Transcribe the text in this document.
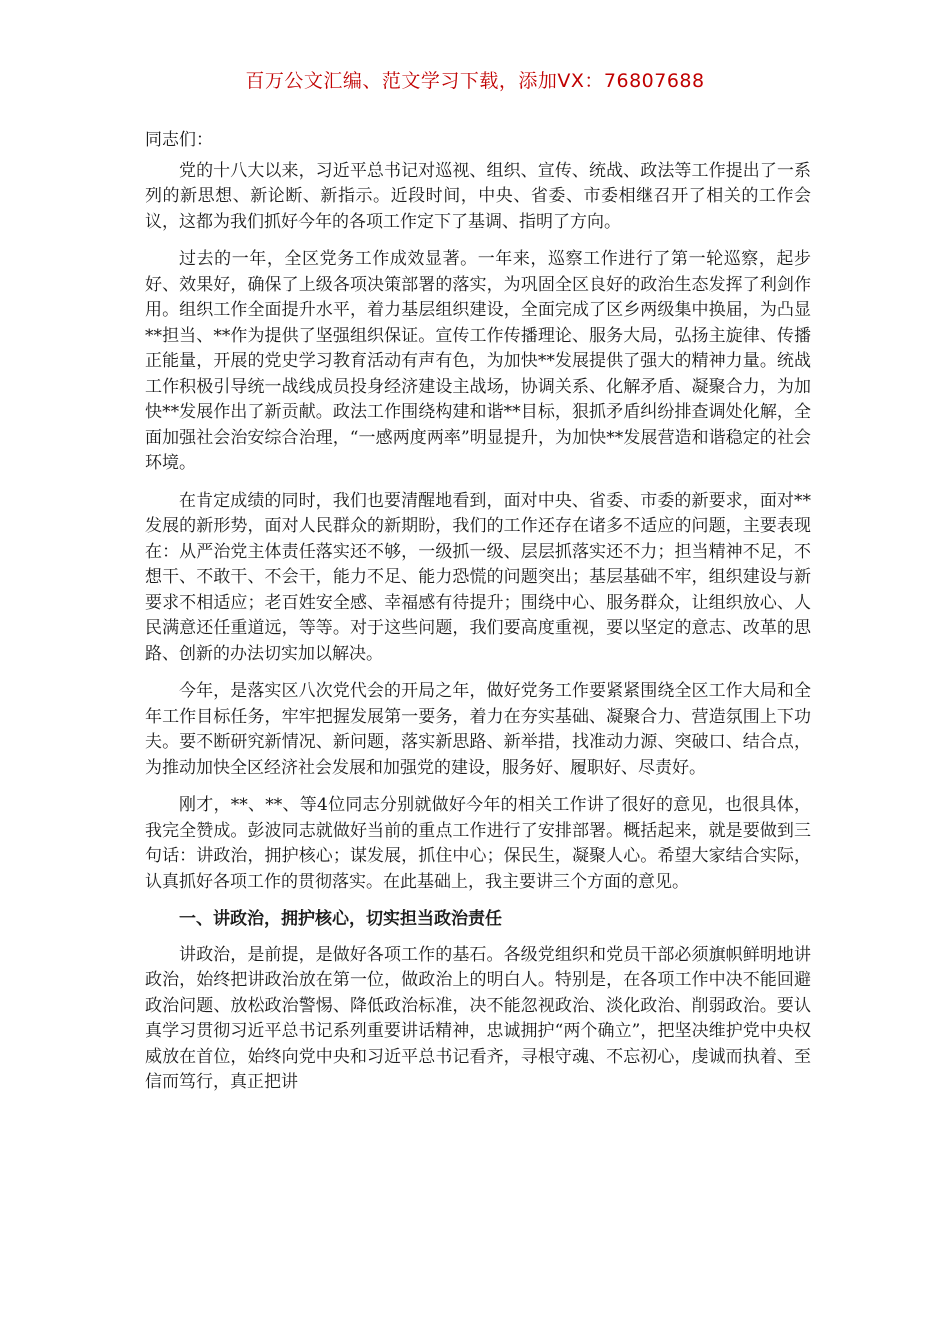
百万公文汇编、范文学习下载，添加VX：76807688

同志们：

党的十八大以来，习近平总书记对巡视、组织、宣传、统战、政法等工作提出了一系列的新思想、新论断、新指示。近段时间，中央、省委、市委相继召开了相关的工作会议，这都为我们抓好今年的各项工作定下了基调、指明了方向。

过去的一年，全区党务工作成效显著。一年来，巡察工作进行了第一轮巡察，起步好、效果好，确保了上级各项决策部署的落实，为巩固全区良好的政治生态发挥了利剑作用。组织工作全面提升水平，着力基层组织建设，全面完成了区乡两级集中换届，为凸显**担当、**作为提供了坚强组织保证。宣传工作传播理论、服务大局，弘扬主旋律、传播正能量，开展的党史学习教育活动有声有色，为加快**发展提供了强大的精神力量。统战工作积极引导统一战线成员投身经济建设主战场，协调关系、化解矛盾、凝聚合力，为加快**发展作出了新贡献。政法工作围绕构建和谐**目标，狠抓矛盾纠纷排查调处化解，全面加强社会治安综合治理，“一感两度两率”明显提升，为加快**发展营造和谐稳定的社会环境。

在肯定成绩的同时，我们也要清醒地看到，面对中央、省委、市委的新要求，面对**发展的新形势，面对人民群众的新期盼，我们的工作还存在诸多不适应的问题，主要表现在：从严治党主体责任落实还不够，一级抓一级、层层抓落实还不力；担当精神不足，不想干、不敢干、不会干，能力不足、能力恐慌的问题突出；基层基础不牢，组织建设与新要求不相适应；老百姓安全感、幸福感有待提升；围绕中心、服务群众，让组织放心、人民满意还任重道远，等等。对于这些问题，我们要高度重视，要以坚定的意志、改革的思路、创新的办法切实加以解决。

今年，是落实区八次党代会的开局之年，做好党务工作要紧紧围绕全区工作大局和全年工作目标任务，牢牢把握发展第一要务，着力在夯实基础、凝聚合力、营造氛围上下功夫。要不断研究新情况、新问题，落实新思路、新举措，找准动力源、突破口、结合点，为推动加快全区经济社会发展和加强党的建设，服务好、履职好、尽责好。

刚才，**、**、等4位同志分别就做好今年的相关工作讲了很好的意见，也很具体，我完全赞成。彭波同志就做好当前的重点工作进行了安排部署。概括起来，就是要做到三句话：讲政治，拥护核心；谋发展，抓住中心；保民生，凝聚人心。希望大家结合实际，认真抓好各项工作的贯彻落实。在此基础上，我主要讲三个方面的意见。

一、讲政治，拥护核心，切实担当政治责任

讲政治，是前提，是做好各项工作的基石。各级党组织和党员干部必须旗帜鲜明地讲政治，始终把讲政治放在第一位，做政治上的明白人。特别是，在各项工作中决不能回避政治问题、放松政治警惕、降低政治标准，决不能忽视政治、淡化政治、削弱政治。要认真学习贯彻习近平总书记系列重要讲话精神，忠诚拥护“两个确立”，把坚决维护党中央权威放在首位，始终向党中央和习近平总书记看齐，寻根守魂、不忘初心，虔诚而执着、至信而笃行，真正把讲
